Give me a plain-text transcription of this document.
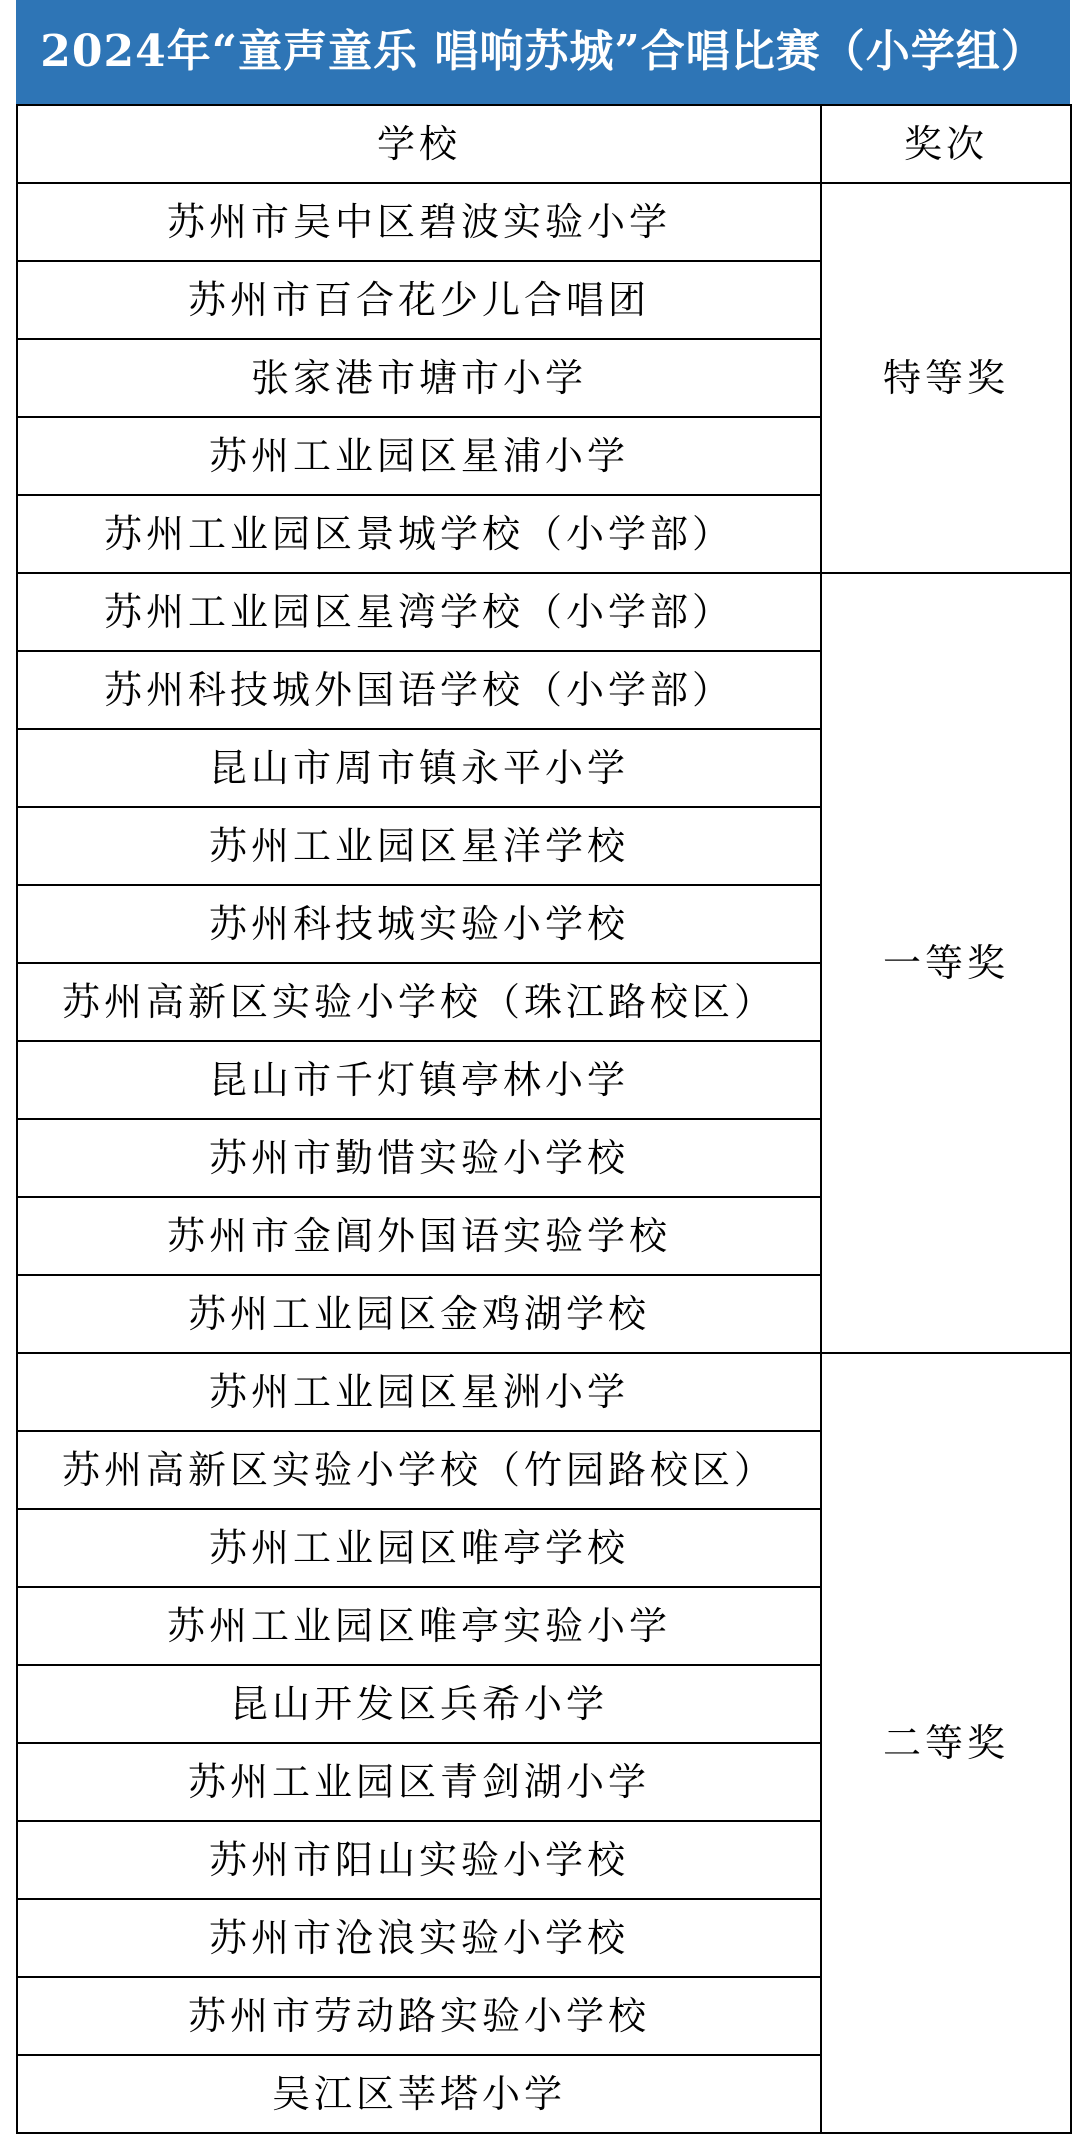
2024年“童声童乐 唱响苏城”合唱比赛（小学组）
学校	奖次
苏州市吴中区碧波实验小学	特等奖
苏州市百合花少儿合唱团	
张家港市塘市小学	
苏州工业园区星浦小学	
苏州工业园区景城学校（小学部）	
苏州工业园区星湾学校（小学部）	一等奖
苏州科技城外国语学校（小学部）	
昆山市周市镇永平小学	
苏州工业园区星洋学校	
苏州科技城实验小学校	
苏州高新区实验小学校（珠江路校区）	
昆山市千灯镇亭林小学	
苏州市勤惜实验小学校	
苏州市金阊外国语实验学校	
苏州工业园区金鸡湖学校	
苏州工业园区星洲小学	二等奖
苏州高新区实验小学校（竹园路校区）	
苏州工业园区唯亭学校	
苏州工业园区唯亭实验小学	
昆山开发区兵希小学	
苏州工业园区青剑湖小学	
苏州市阳山实验小学校	
苏州市沧浪实验小学校	
苏州市劳动路实验小学校	
吴江区莘塔小学	
